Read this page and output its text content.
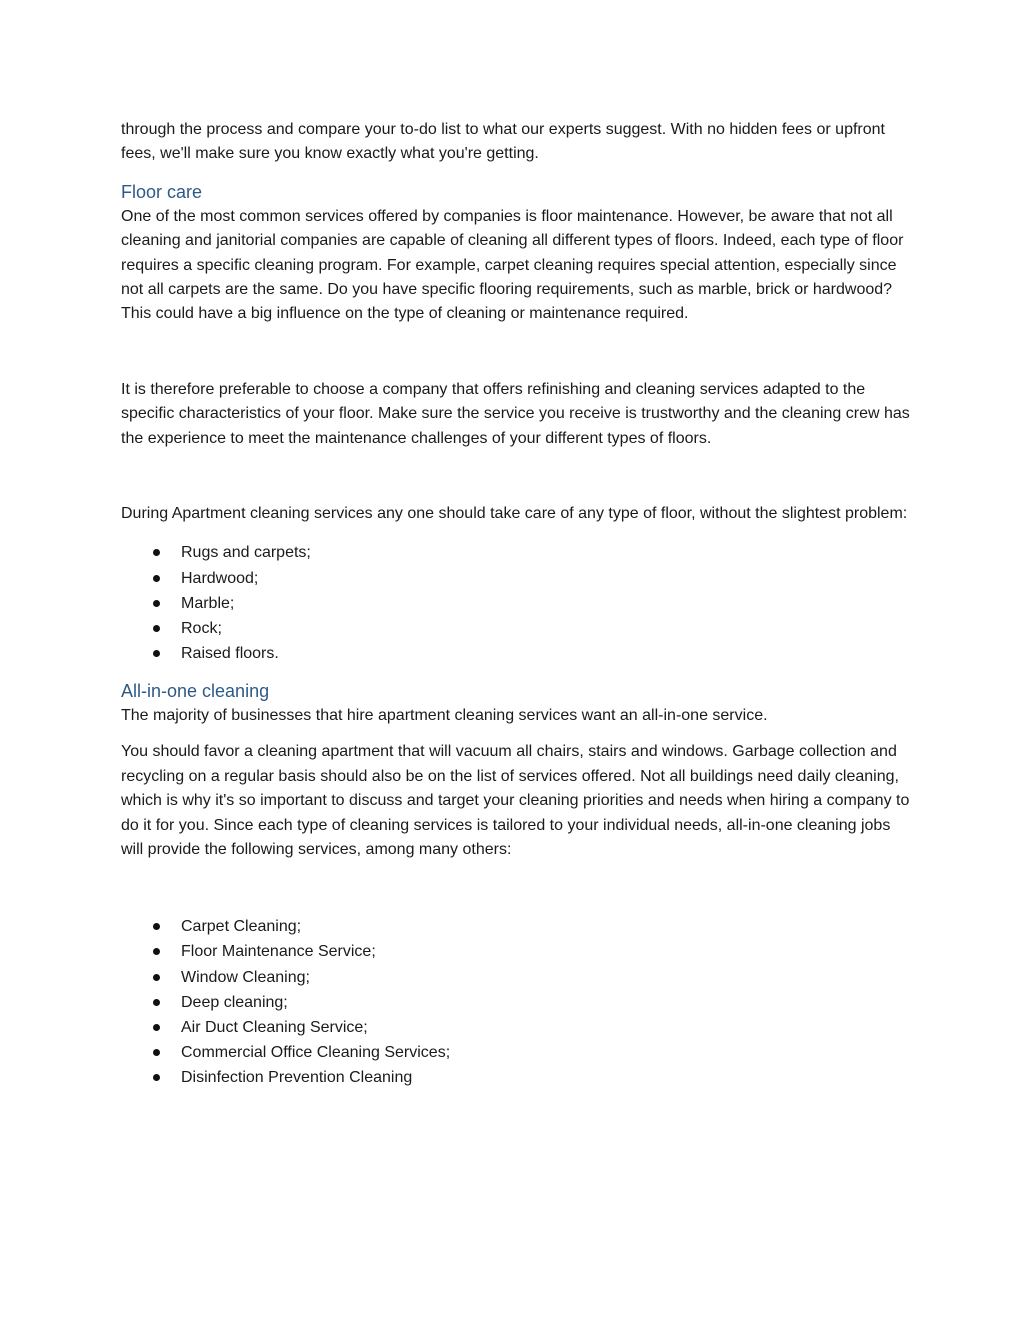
through the process and compare your to-do list to what our experts suggest. With no hidden fees or upfront fees, we'll make sure you know exactly what you're getting.

Floor care

One of the most common services offered by companies is floor maintenance. However, be aware that not all cleaning and janitorial companies are capable of cleaning all different types of floors. Indeed, each type of floor requires a specific cleaning program. For example, carpet cleaning requires special attention, especially since not all carpets are the same. Do you have specific flooring requirements, such as marble, brick or hardwood? This could have a big influence on the type of cleaning or maintenance required.

It is therefore preferable to choose a company that offers refinishing and cleaning services adapted to the specific characteristics of your floor. Make sure the service you receive is trustworthy and the cleaning crew has the experience to meet the maintenance challenges of your different types of floors.

During Apartment cleaning services any one should take care of any type of floor, without the slightest problem:

Rugs and carpets;
Hardwood;
Marble;
Rock;
Raised floors.
All-in-one cleaning

The majority of businesses that hire apartment cleaning services want an all-in-one service.

You should favor a cleaning apartment that will vacuum all chairs, stairs and windows. Garbage collection and recycling on a regular basis should also be on the list of services offered. Not all buildings need daily cleaning, which is why it's so important to discuss and target your cleaning priorities and needs when hiring a company to do it for you. Since each type of cleaning services is tailored to your individual needs, all-in-one cleaning jobs will provide the following services, among many others:

Carpet Cleaning;
Floor Maintenance Service;
Window Cleaning;
Deep cleaning;
Air Duct Cleaning Service;
Commercial Office Cleaning Services;
Disinfection Prevention Cleaning
